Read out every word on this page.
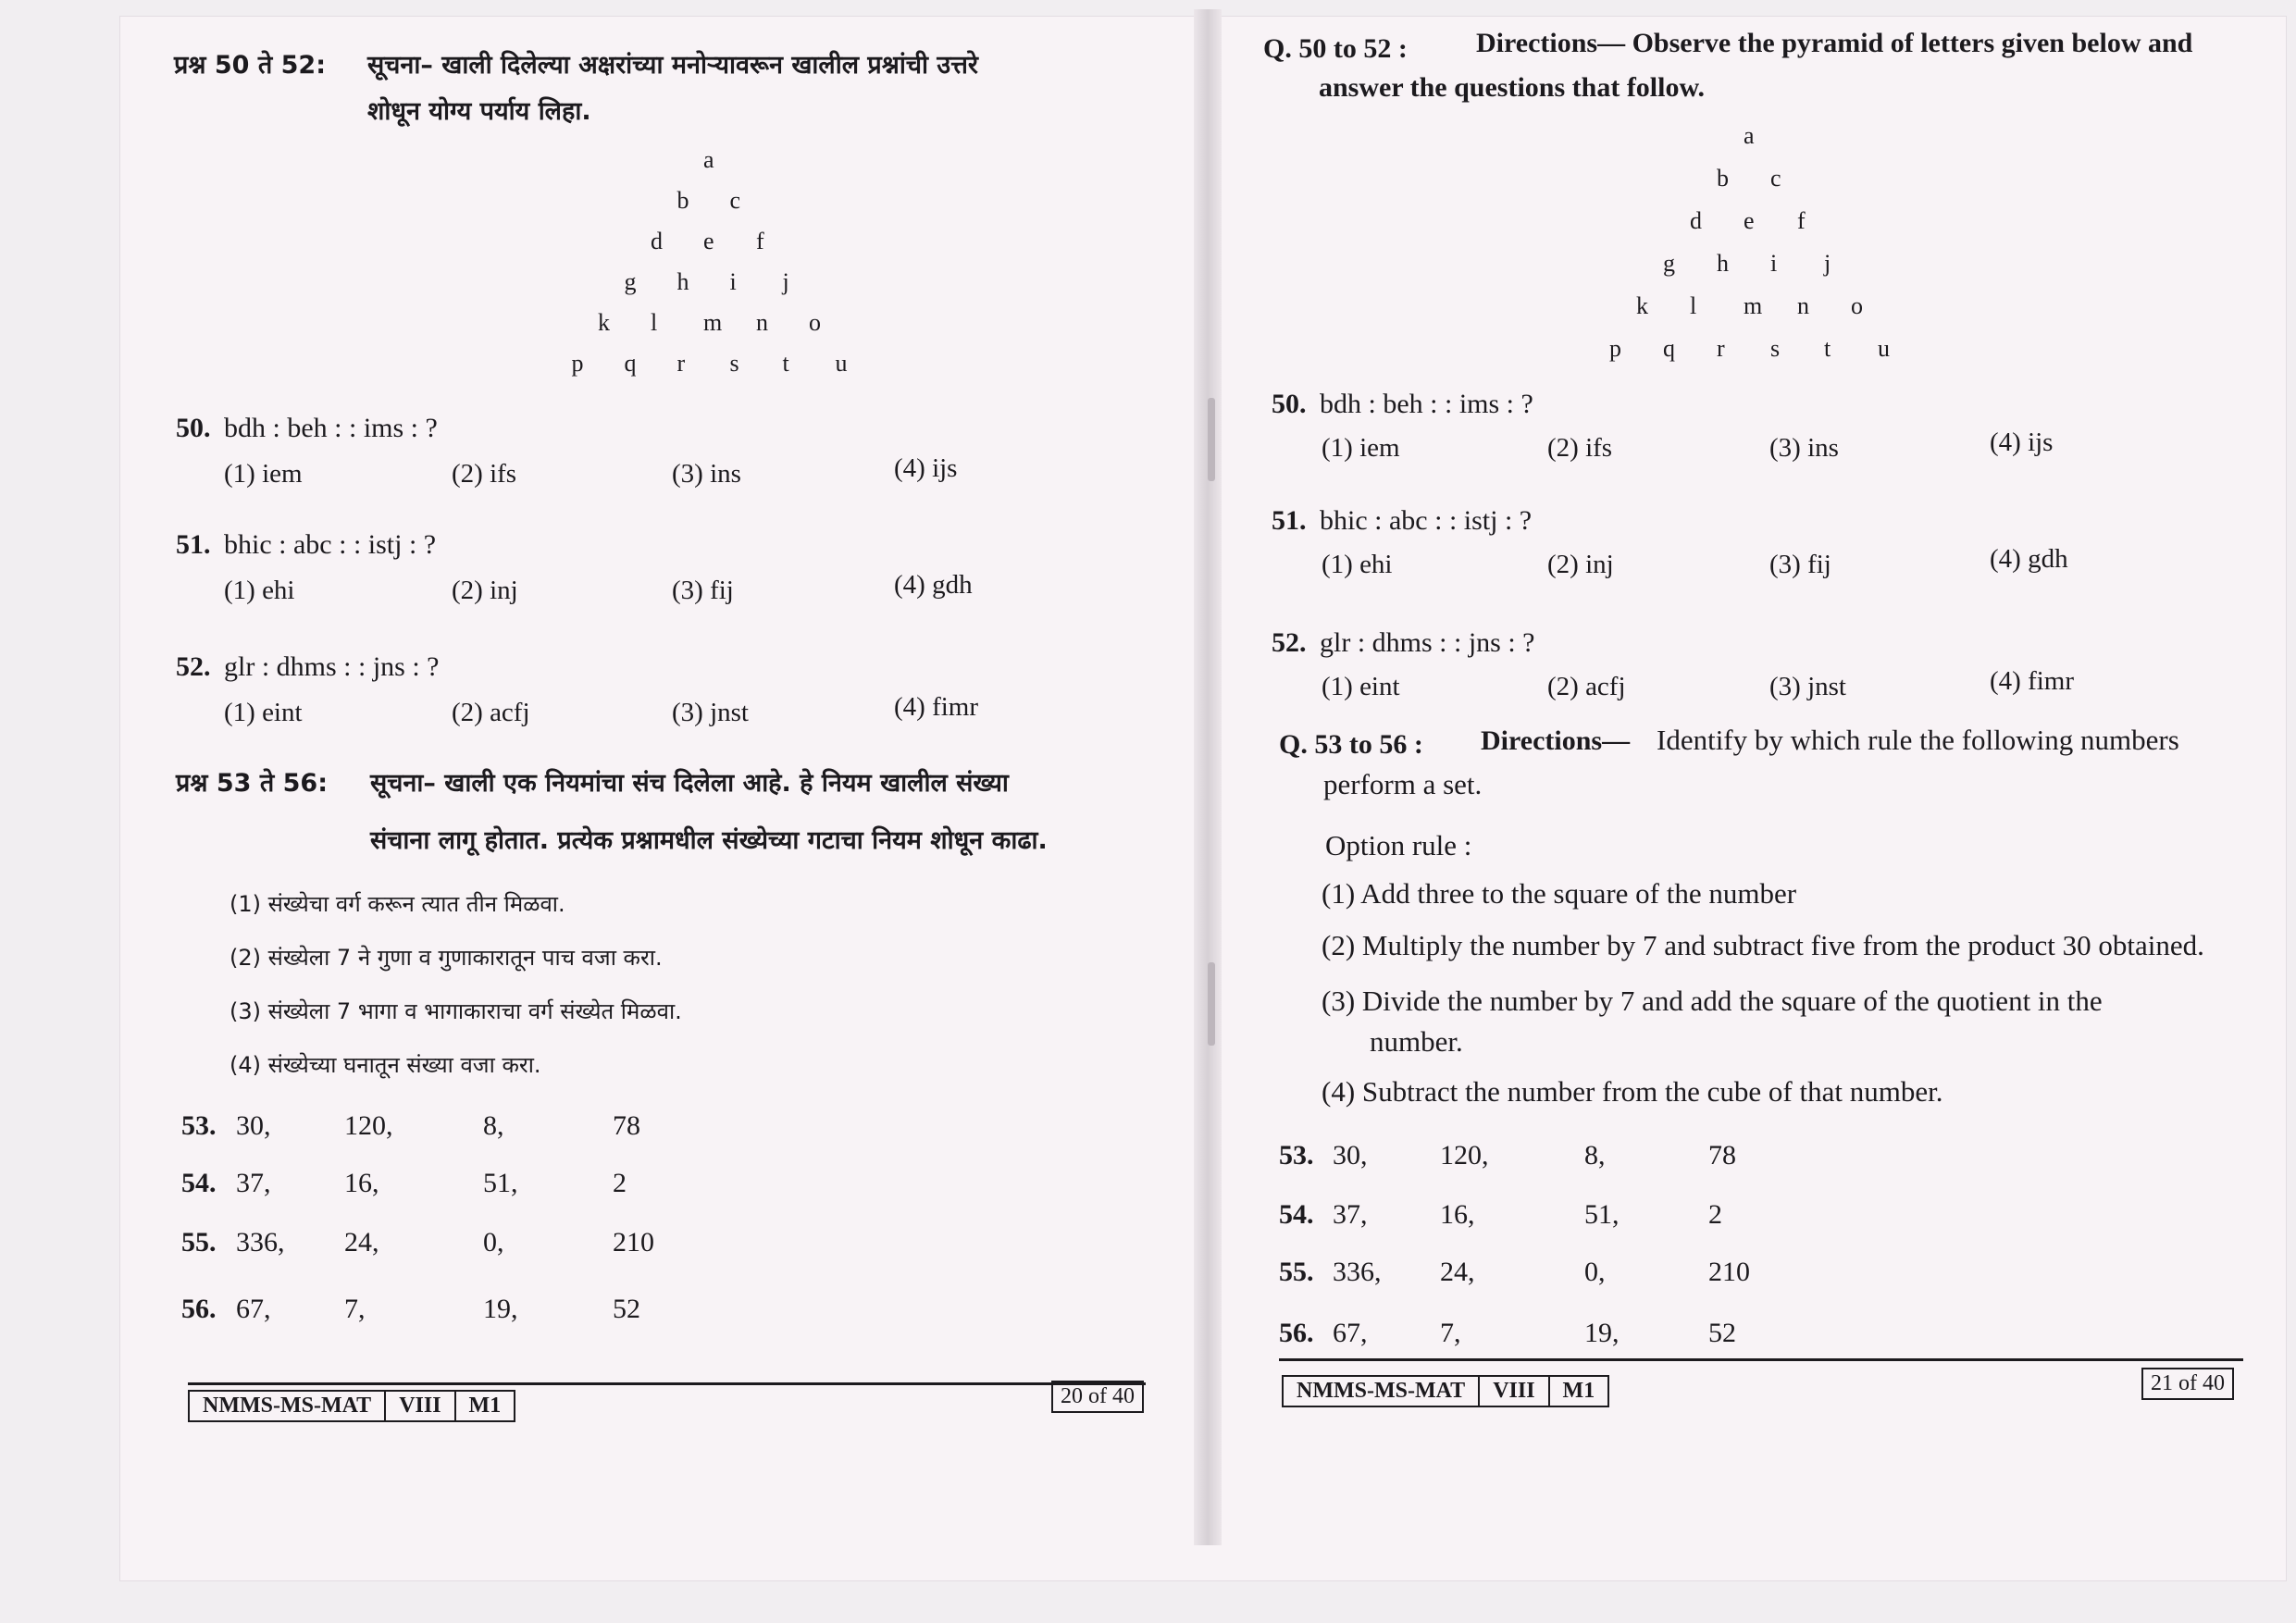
प्रश्न 50 ते 52: सूचना– खाली दिलेल्या अक्षरांच्या मनोऱ्यावरून खालील प्रश्नांची उत्तरे
शोधून योग्य पर्याय लिहा.
a
b c
d e f
g h i j
k l m n o
p q r s t u
50. bdh : beh : : ims : ?
(1) iem	(2) ifs	(3) ins	(4) ijs
51. bhic : abc : : istj : ?
(1) ehi	(2) inj	(3) fij	(4) gdh
52. glr : dhms : : jns : ?
(1) eint	(2) acfj	(3) jnst	(4) fimr
प्रश्न 53 ते 56: सूचना– खाली एक नियमांचा संच दिलेला आहे. हे नियम खालील संख्या
संचाना लागू होतात. प्रत्येक प्रश्नामधील संख्येच्या गटाचा नियम शोधून काढा.
(1) संख्येचा वर्ग करून त्यात तीन मिळवा.
(2) संख्येला 7 ने गुणा व गुणाकारातून पाच वजा करा.
(3) संख्येला 7 भागा व भागाकाराचा वर्ग संख्येत मिळवा.
(4) संख्येच्या घनातून संख्या वजा करा.
53. 30,	120,	8,	78
54. 37,	16,	51,	2
55. 336, 24,	0,	210
56. 67,	7,	19,	52
NMMS-MS-MAT	VIII	M1	20 of 40
Q. 50 to 52 : Directions— Observe the pyramid of letters given below and
answer the questions that follow.
a
b c
d e f
g h i j
k l m n o
p q r s t u
50. bdh : beh : : ims : ?
(1) iem	(2) ifs	(3) ins	(4) ijs
51. bhic : abc : : istj : ?
(1) ehi	(2) inj	(3) fij	(4) gdh
52. glr : dhms : : jns : ?
(1) eint	(2) acfj	(3) jnst	(4) fimr
Q. 53 to 56 : Directions— Identify by which rule the following numbers
perform a set.
Option rule :
(1) Add three to the square of the number
(2) Multiply the number by 7 and subtract five from the product 30 obtained.
(3) Divide the number by 7 and add the square of the quotient in the
number.
(4) Subtract the number from the cube of that number.
53. 30,	120,	8,	78
54. 37,	16,	51,	2
55. 336, 24,	0,	210
56. 67,	7,	19,	52
NMMS-MS-MAT	VIII	M1	21 of 40
